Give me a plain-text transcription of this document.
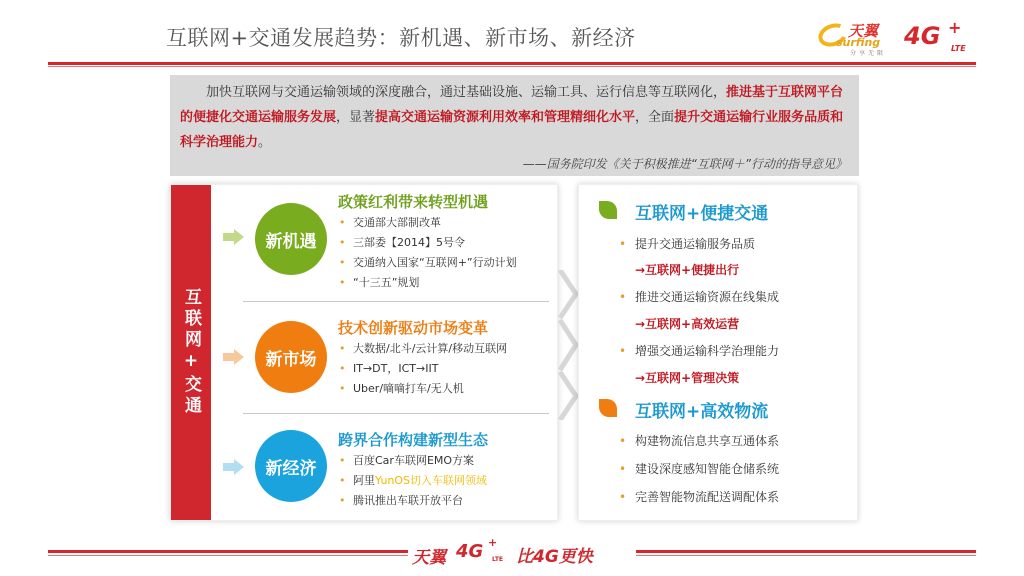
互联网+交通发展趋势：新机遇、新市场、新经济	天翼
surfing
分享无限
4G +
LTE

加快互联网与交通运输领域的深度融合，通过基础设施、运输工具、运行信息等互联网化，推进基于互联网平台的便捷化交通运输服务发展，显著提高交通运输资源利用效率和管理精细化水平，全面提升交通运输行业服务品质和科学治理能力。

——国务院印发《关于积极推进“互联网＋”行动的指导意见》
互联网+交通
新机遇
政策红利带来转型机遇
• 交通部大部制改革
• 三部委【2014】5号令
• 交通纳入国家“互联网+”行动计划
• “十三五”规划
新市场
技术创新驱动市场变革
• 大数据/北斗/云计算/移动互联网
• IT→DT，ICT→IIT
• Uber/嘀嘀打车/无人机
新经济
跨界合作构建新型生态
• 百度Car车联网EMO方案
• 阿里YunOS切入车联网领域
• 腾讯推出车联开放平台
互联网+便捷交通
• 提升交通运输服务品质
→互联网+便捷出行
• 推进交通运输资源在线集成
→互联网+高效运营
• 增强交通运输科学治理能力
→互联网+管理决策
互联网+高效物流
• 构建物流信息共享互通体系
• 建设深度感知智能仓储系统
• 完善智能物流配送调配体系
天翼 4G +
LTE 比4G更快
